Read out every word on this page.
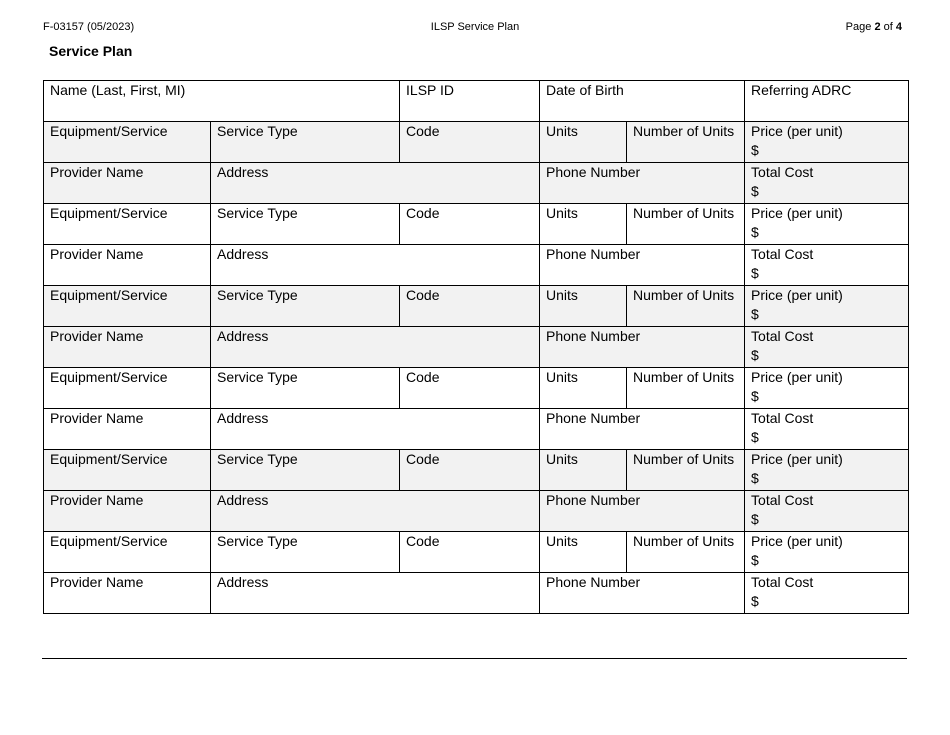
F-03157 (05/2023)	ILSP Service Plan	Page 2 of 4
Service Plan
Name (Last, First, MI)		ILSP ID	Date of Birth		Referring ADRC
Equipment/Service	Service Type	Code	Units	Number of Units	Price (per unit)
$

Provider Name	Address		Phone Number		Total Cost
$

Equipment/Service	Service Type	Code	Units	Number of Units	Price (per unit)
$

Provider Name	Address		Phone Number		Total Cost
$

Equipment/Service	Service Type	Code	Units	Number of Units	Price (per unit)
$

Provider Name	Address		Phone Number		Total Cost
$

Equipment/Service	Service Type	Code	Units	Number of Units	Price (per unit)
$

Provider Name	Address		Phone Number		Total Cost
$

Equipment/Service	Service Type	Code	Units	Number of Units	Price (per unit)
$

Provider Name	Address		Phone Number		Total Cost
$

Equipment/Service	Service Type	Code	Units	Number of Units	Price (per unit)
$

Provider Name	Address		Phone Number		Total Cost
$
